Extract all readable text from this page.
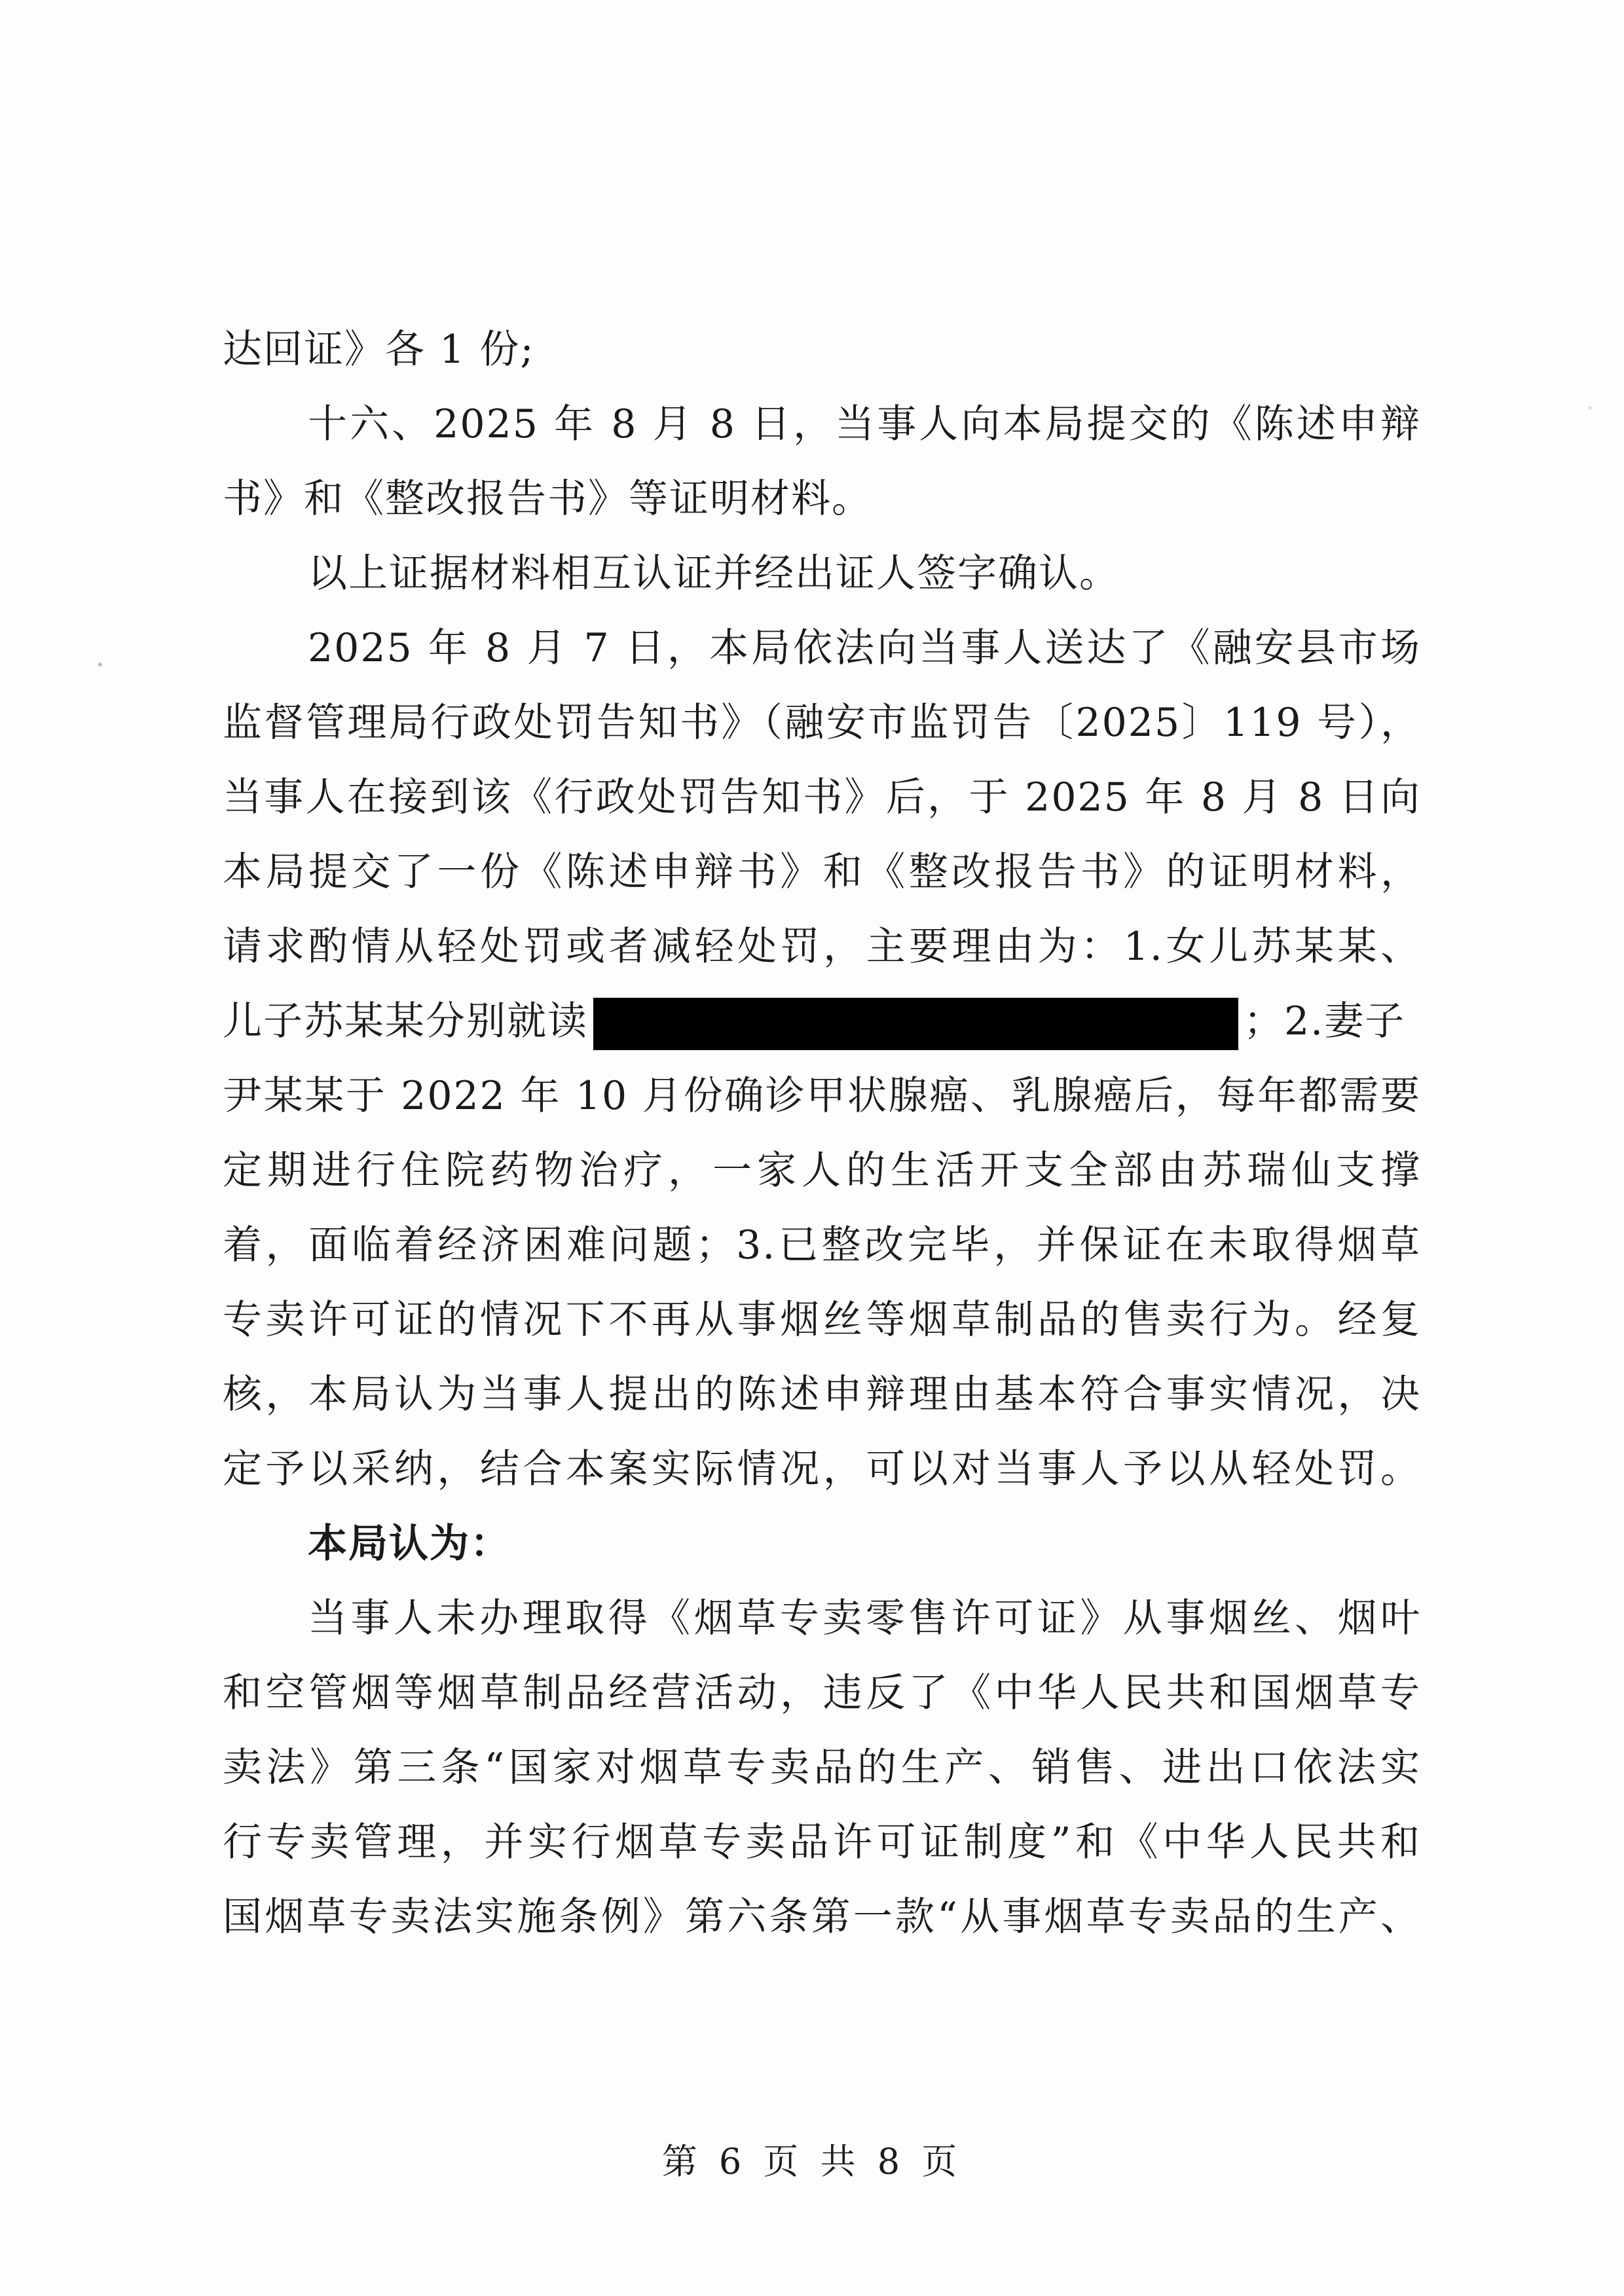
达回证》各 1 份;
十六、2025 年 8 月 8 日，当事人向本局提交的《陈述申辩
书》和《整改报告书》等证明材料。
以上证据材料相互认证并经出证人签字确认。
2025 年 8 月 7 日，本局依法向当事人送达了《融安县市场
监督管理局行政处罚告知书》（融安市监罚告〔2025〕119 号），
当事人在接到该《行政处罚告知书》后，于 2025 年 8 月 8 日向
本局提交了一份《陈述申辩书》和《整改报告书》的证明材料，
请求酌情从轻处罚或者减轻处罚，主要理由为：1.女儿苏某某、
儿子苏某某分别就读	；2.妻子
尹某某于 2022 年 10 月份确诊甲状腺癌、乳腺癌后，每年都需要
定期进行住院药物治疗，一家人的生活开支全部由苏瑞仙支撑
着，面临着经济困难问题；3.已整改完毕，并保证在未取得烟草
专卖许可证的情况下不再从事烟丝等烟草制品的售卖行为。经复
核，本局认为当事人提出的陈述申辩理由基本符合事实情况，决
定予以采纳，结合本案实际情况，可以对当事人予以从轻处罚。
本局认为：
当事人未办理取得《烟草专卖零售许可证》从事烟丝、烟叶
和空管烟等烟草制品经营活动，违反了《中华人民共和国烟草专
卖法》第三条“国家对烟草专卖品的生产、销售、进出口依法实
行专卖管理，并实行烟草专卖品许可证制度”和《中华人民共和
国烟草专卖法实施条例》第六条第一款“从事烟草专卖品的生产、
第 6 页 共 8 页
